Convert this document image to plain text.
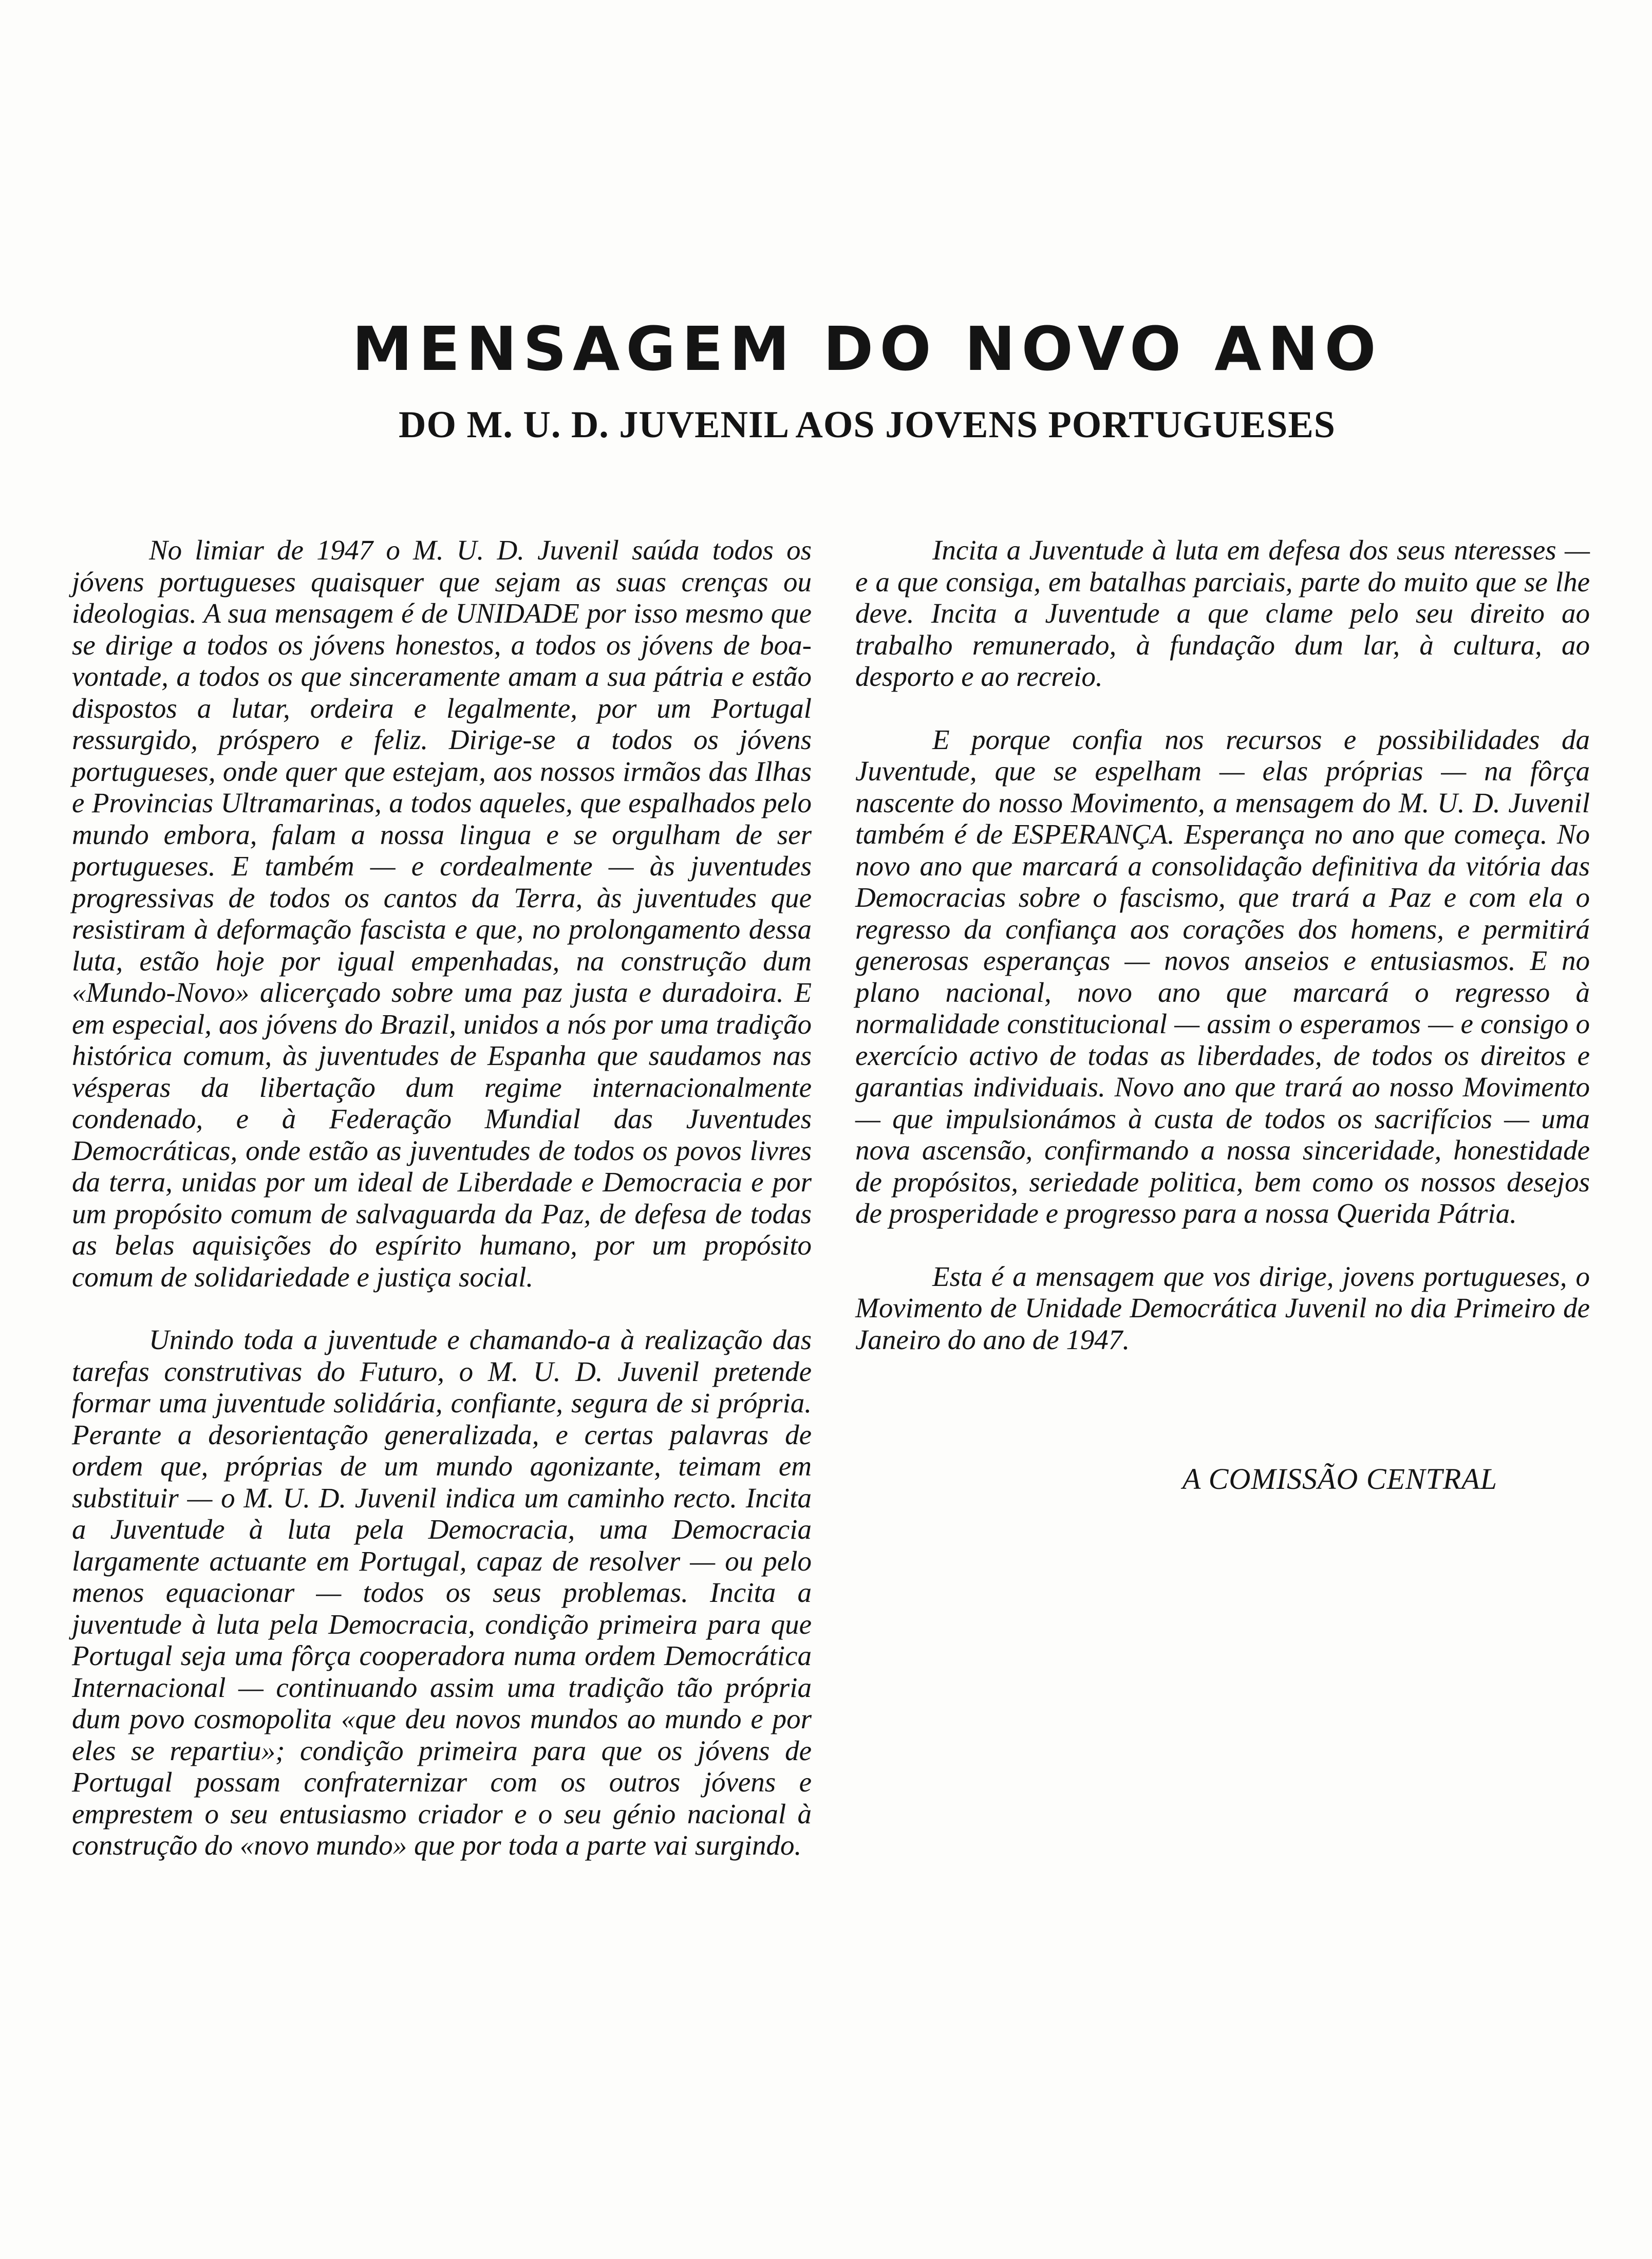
MENSAGEM DO NOVO ANO
DO M. U. D. JUVENIL AOS JOVENS PORTUGUESES

No limiar de 1947 o M. U. D. Juvenil saúda todos os jóvens portugueses quaisquer que sejam as suas crenças ou ideologias. A sua mensagem é de UNIDADE por isso mesmo que se dirige a todos os jóvens honestos, a todos os jóvens de boa-vontade, a todos os que sinceramente amam a sua pátria e estão dispostos a lutar, ordeira e legalmente, por um Portugal ressurgido, próspero e feliz. Dirige-se a todos os jóvens portugueses, onde quer que estejam, aos nossos irmãos das Ilhas e Provincias Ultramarinas, a todos aqueles, que espalhados pelo mundo embora, falam a nossa lingua e se orgulham de ser portugueses. E também — e cordealmente — às juventudes progressivas de todos os cantos da Terra, às juventudes que resistiram à deformação fascista e que, no prolongamento dessa luta, estão hoje por igual empenhadas, na construção dum «Mundo-Novo» alicerçado sobre uma paz justa e duradoira. E em especial, aos jóvens do Brazil, unidos a nós por uma tradição histórica comum, às juventudes de Espanha que saudamos nas vésperas da libertação dum regime internacionalmente condenado, e à Federação Mundial das Juventudes Democráticas, onde estão as juventudes de todos os povos livres da terra, unidas por um ideal de Liberdade e Democracia e por um propósito comum de salvaguarda da Paz, de defesa de todas as belas aquisições do espírito humano, por um propósito comum de solidariedade e justiça social.

Unindo toda a juventude e chamando-a à realização das tarefas construtivas do Futuro, o M. U. D. Juvenil pretende formar uma juventude solidária, confiante, segura de si própria. Perante a desorientação generalizada, e certas palavras de ordem que, próprias de um mundo agonizante, teimam em substituir — o M. U. D. Juvenil indica um caminho recto. Incita a Juventude à luta pela Democracia, uma Democracia largamente actuante em Portugal, capaz de resolver — ou pelo menos equacionar — todos os seus problemas. Incita a juventude à luta pela Democracia, condição primeira para que Portugal seja uma fôrça cooperadora numa ordem Democrática Internacional — continuando assim uma tradição tão própria dum povo cosmopolita «que deu novos mundos ao mundo e por eles se repartiu»; condição primeira para que os jóvens de Portugal possam confraternizar com os outros jóvens e emprestem o seu entusiasmo criador e o seu génio nacional à construção do «novo mundo» que por toda a parte vai surgindo.

Incita a Juventude à luta em defesa dos seus nteresses — e a que consiga, em batalhas parciais, parte do muito que se lhe deve. Incita a Juventude a que clame pelo seu direito ao trabalho remunerado, à fundação dum lar, à cultura, ao desporto e ao recreio.

E porque confia nos recursos e possibilidades da Juventude, que se espelham — elas próprias — na fôrça nascente do nosso Movimento, a mensagem do M. U. D. Juvenil também é de ESPERANÇA. Esperança no ano que começa. No novo ano que marcará a consolidação definitiva da vitória das Democracias sobre o fascismo, que trará a Paz e com ela o regresso da confiança aos corações dos homens, e permitirá generosas esperanças — novos anseios e entusiasmos. E no plano nacional, novo ano que marcará o regresso à normalidade constitucional — assim o esperamos — e consigo o exercício activo de todas as liberdades, de todos os direitos e garantias individuais. Novo ano que trará ao nosso Movimento — que impulsionámos à custa de todos os sacrifícios — uma nova ascensão, confirmando a nossa sinceridade, honestidade de propósitos, seriedade politica, bem como os nossos desejos de prosperidade e progresso para a nossa Querida Pátria.

Esta é a mensagem que vos dirige, jovens portugueses, o Movimento de Unidade Democrática Juvenil no dia Primeiro de Janeiro do ano de 1947.

A COMISSÃO CENTRAL
